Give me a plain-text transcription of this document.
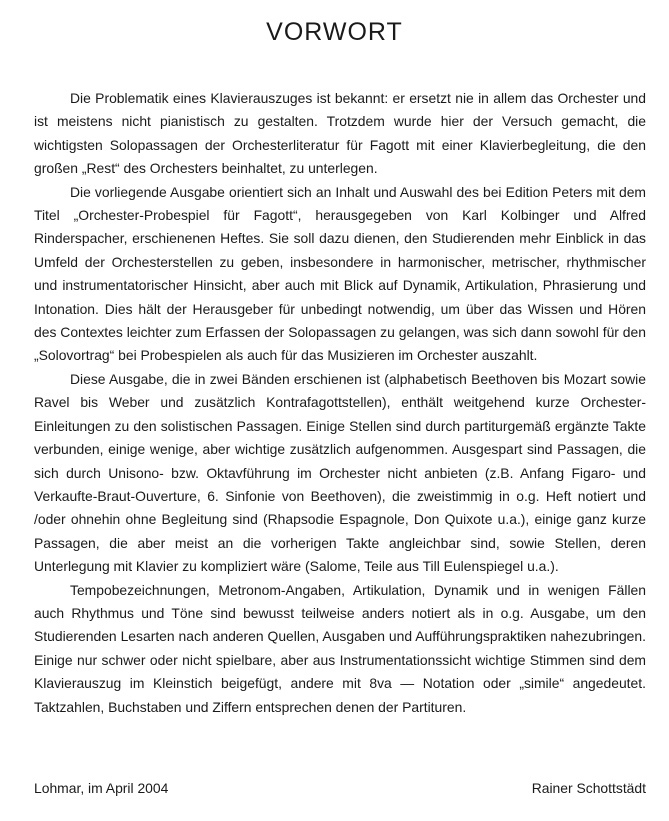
VORWORT

Die Problematik eines Klavierauszuges ist bekannt: er ersetzt nie in allem das Orchester und ist meistens nicht pianistisch zu gestalten. Trotzdem wurde hier der Versuch gemacht, die wichtigsten Solopassagen der Orchesterliteratur für Fagott mit einer Klavierbegleitung, die den großen „Rest“ des Orchesters beinhaltet, zu unterlegen.

Die vorliegende Ausgabe orientiert sich an Inhalt und Auswahl des bei Edition Peters mit dem Titel „Orchester-Probespiel für Fagott“, herausgegeben von Karl Kolbinger und Alfred Rinderspacher, erschienenen Heftes. Sie soll dazu dienen, den Studierenden mehr Einblick in das Umfeld der Orchesterstellen zu geben, insbesondere in harmonischer, metrischer, rhythmischer und instrumentatorischer Hinsicht, aber auch mit Blick auf Dynamik, Artikulation, Phrasierung und Intonation. Dies hält der Herausgeber für unbedingt notwendig, um über das Wissen und Hören des Contextes leichter zum Erfassen der Solopassagen zu gelangen, was sich dann sowohl für den „Solovortrag“ bei Probespielen als auch für das Musizieren im Orchester auszahlt.

Diese Ausgabe, die in zwei Bänden erschienen ist (alphabetisch Beethoven bis Mozart sowie Ravel bis Weber und zusätzlich Kontrafagottstellen), enthält weitgehend kurze Orchester-Einleitungen zu den solistischen Passagen. Einige Stellen sind durch partiturgemäß ergänzte Takte verbunden, einige wenige, aber wichtige zusätzlich aufgenommen. Ausgespart sind Passagen, die sich durch Unisono- bzw. Oktavführung im Orchester nicht anbieten (z.B. Anfang Figaro- und Verkaufte-Braut-Ouverture, 6. Sinfonie von Beethoven), die zweistimmig in o.g. Heft notiert und /oder ohnehin ohne Begleitung sind (Rhapsodie Espagnole, Don Quixote u.a.), einige ganz kurze Passagen, die aber meist an die vorherigen Takte angleichbar sind, sowie Stellen, deren Unterlegung mit Klavier zu kompliziert wäre (Salome, Teile aus Till Eulenspiegel u.a.).

Tempobezeichnungen, Metronom-Angaben, Artikulation, Dynamik und in wenigen Fällen auch Rhythmus und Töne sind bewusst teilweise anders notiert als in o.g. Ausgabe, um den Studierenden Lesarten nach anderen Quellen, Ausgaben und Aufführungspraktiken nahezubringen. Einige nur schwer oder nicht spielbare, aber aus Instrumentationssicht wichtige Stimmen sind dem Klavierauszug im Kleinstich beigefügt, andere mit 8va — Notation oder „simile“ angedeutet. Taktzahlen, Buchstaben und Ziffern entsprechen denen der Partituren.

Lohmar, im April 2004	Rainer Schottstädt
